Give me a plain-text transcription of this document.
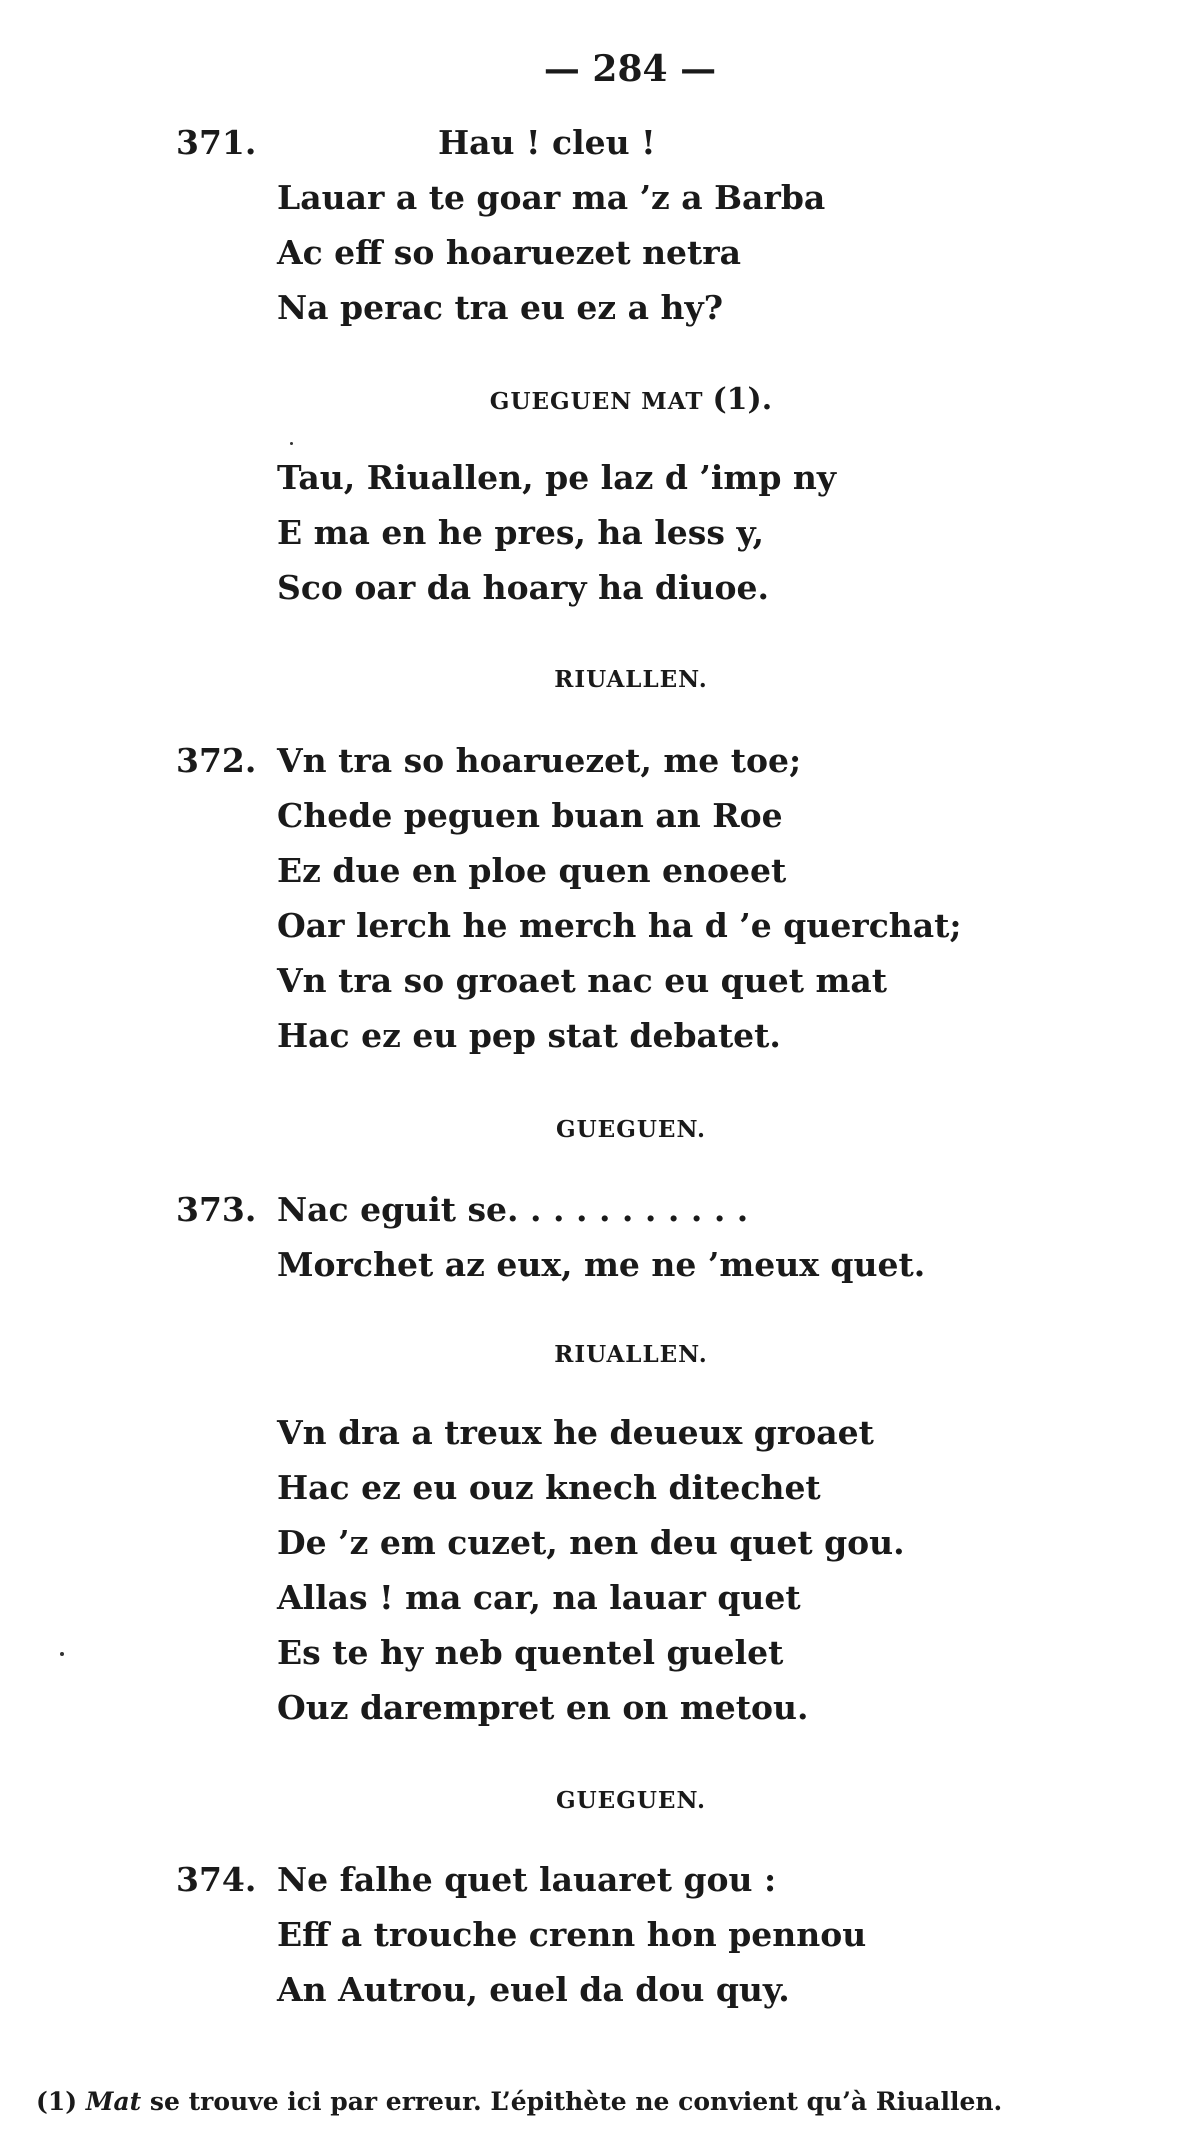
— 284 —
371.	Hau ! cleu !
Lauar a te goar ma ’z a Barba
Ac eff so hoaruezet netra
Na perac tra eu ez a hy?
GUEGUEN MAT (1).
Tau, Riuallen, pe laz d ’imp ny
E ma en he pres, ha less y,
Sco oar da hoary ha diuoe.
RIUALLEN.
372. Vn tra so hoaruezet, me toe;
Chede peguen buan an Roe
Ez due en ploe quen enoeet
Oar lerch he merch ha d ’e querchat;
Vn tra so groaet nac eu quet mat
Hac ez eu pep stat debatet.
GUEGUEN.
373. Nac eguit se. . . . . . . . . . .
Morchet az eux, me ne ’meux quet.
RIUALLEN.
Vn dra a treux he deueux groaet
Hac ez eu ouz knech ditechet
De ’z em cuzet, nen deu quet gou.
Allas ! ma car, na lauar quet
Es te hy neb quentel guelet
Ouz darempret en on metou.
GUEGUEN.
374. Ne falhe quet lauaret gou :
Eff a trouche crenn hon pennou
An Autrou, euel da dou quy.
(1) Mat se trouve ici par erreur. L’épithète ne convient qu’à Riuallen.
